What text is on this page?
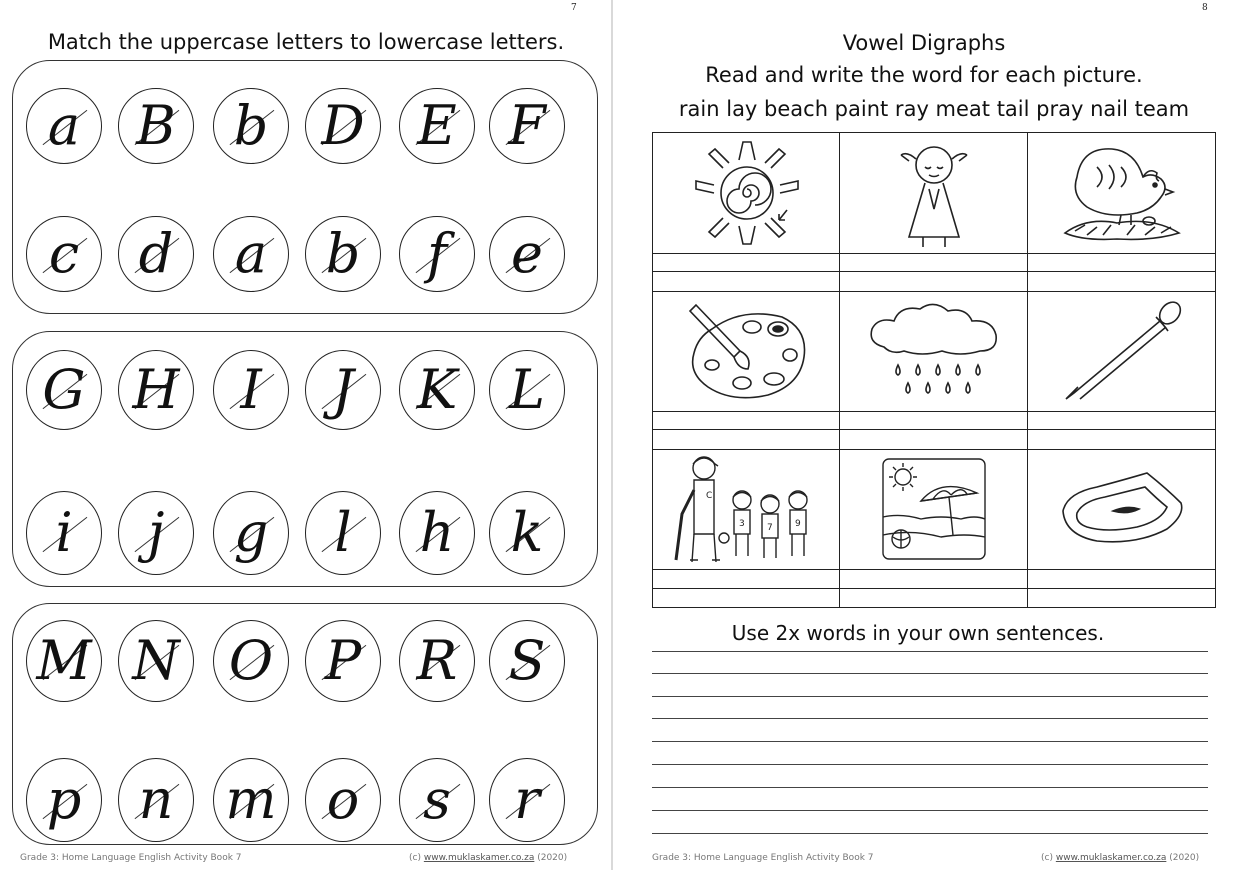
7
Match the uppercase letters to lowercase letters.
a	B	b D E F
c	d	a	b	f	e
G H	I	J	K L
i	j	g	l	h	k
M N O P	R S
p	n m o	s	r
Grade 3: Home Language English Activity Book 7	(c) www.muklaskamer.co.za (2020)
8
Vowel Digraphs
Read and write the word for each picture.
rain lay beach paint ray meat tail pray nail team
Use 2x words in your own sentences.
Grade 3: Home Language English Activity Book 7	(c) www.muklaskamer.co.za (2020)
C
3 7 9
